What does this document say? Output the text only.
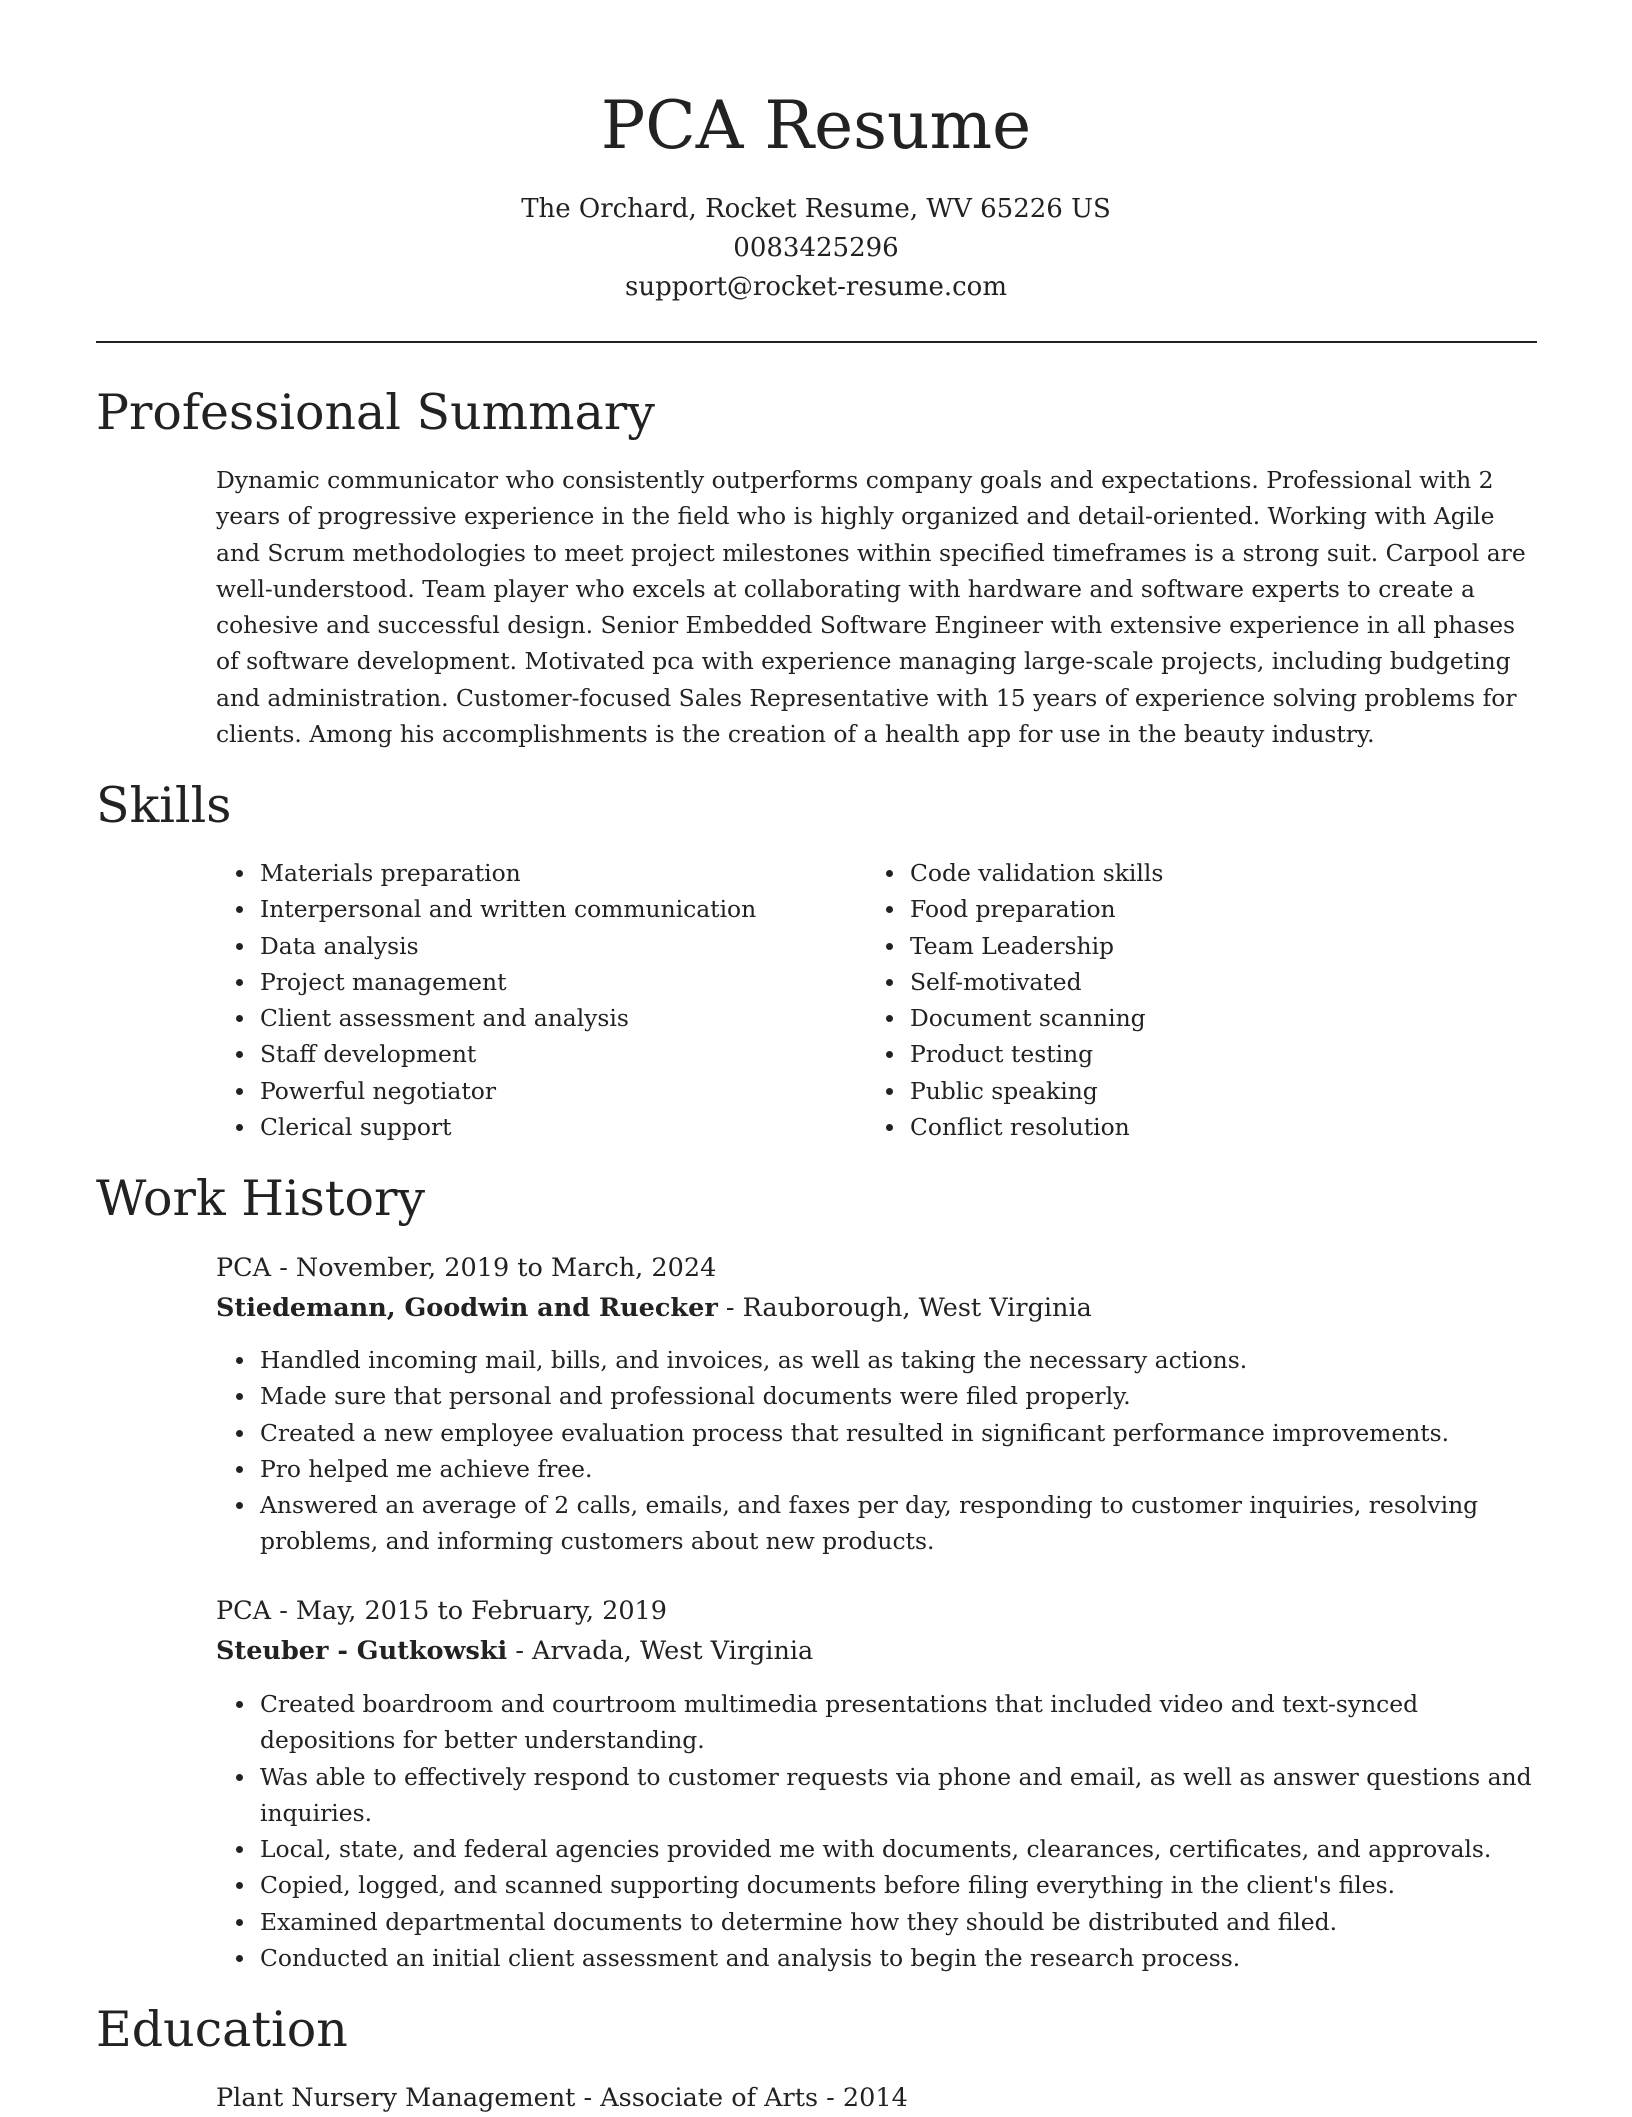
PCA Resume
The Orchard, Rocket Resume, WV 65226 US
0083425296
support@rocket-resume.com
Professional Summary

Dynamic communicator who consistently outperforms company goals and expectations. Professional with 2 years of progressive experience in the field who is highly organized and detail-oriented. Working with Agile and Scrum methodologies to meet project milestones within specified timeframes is a strong suit. Carpool are well-understood. Team player who excels at collaborating with hardware and software experts to create a cohesive and successful design. Senior Embedded Software Engineer with extensive experience in all phases of software development. Motivated pca with experience managing large-scale projects, including budgeting and administration. Customer-focused Sales Representative with 15 years of experience solving problems for clients. Among his accomplishments is the creation of a health app for use in the beauty industry.

Skills
Materials preparation
Interpersonal and written communication
Data analysis
Project management
Client assessment and analysis
Staff development
Powerful negotiator
Clerical support
Code validation skills
Food preparation
Team Leadership
Self-motivated
Document scanning
Product testing
Public speaking
Conflict resolution
Work History
PCA - November, 2019 to March, 2024
Stiedemann, Goodwin and Ruecker - Rauborough, West Virginia
Handled incoming mail, bills, and invoices, as well as taking the necessary actions.
Made sure that personal and professional documents were filed properly.
Created a new employee evaluation process that resulted in significant performance improvements.
Pro helped me achieve free.
Answered an average of 2 calls, emails, and faxes per day, responding to customer inquiries, resolving problems, and informing customers about new products.
PCA - May, 2015 to February, 2019
Steuber - Gutkowski - Arvada, West Virginia
Created boardroom and courtroom multimedia presentations that included video and text-synced depositions for better understanding.
Was able to effectively respond to customer requests via phone and email, as well as answer questions and inquiries.
Local, state, and federal agencies provided me with documents, clearances, certificates, and approvals.
Copied, logged, and scanned supporting documents before filing everything in the client's files.
Examined departmental documents to determine how they should be distributed and filed.
Conducted an initial client assessment and analysis to begin the research process.
Education
Plant Nursery Management - Associate of Arts - 2014
